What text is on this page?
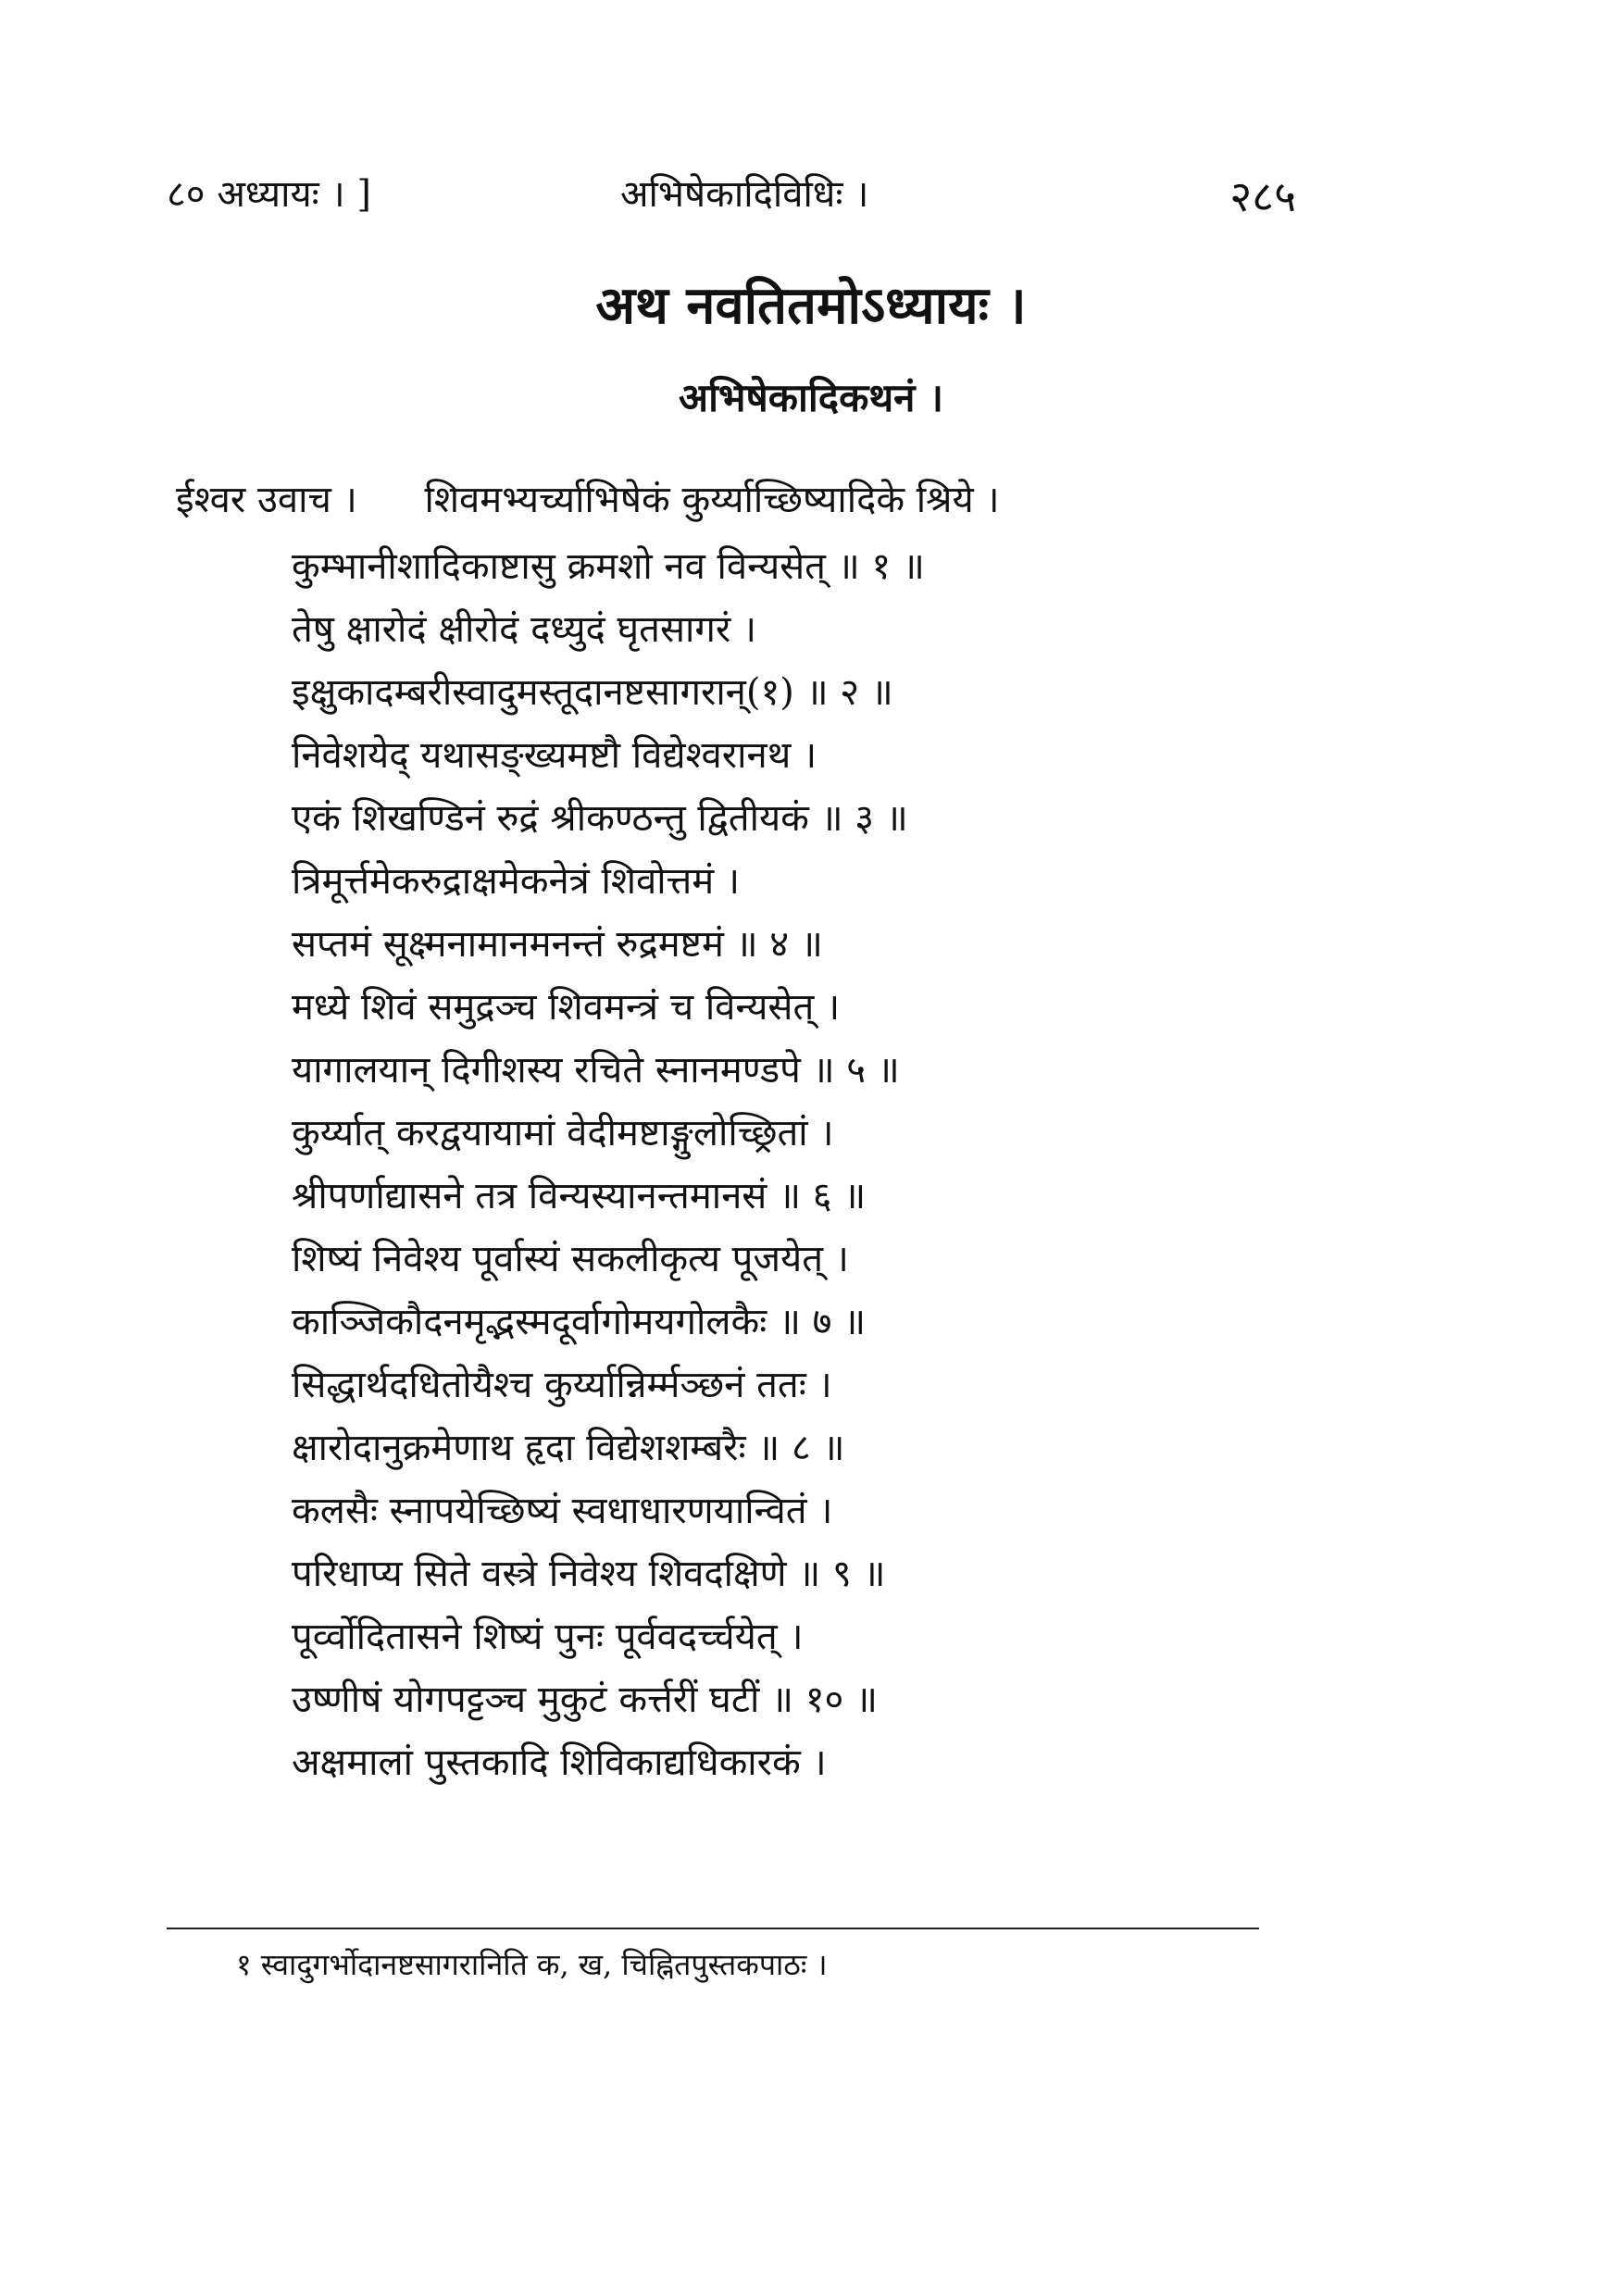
८० अध्यायः । ]	अभिषेकादिविधिः ।	२८५
अथ नवतितमोऽध्यायः ।
अभिषेकादिकथनं ।
ईश्वर उवाच । शिवमभ्यर्च्याभिषेकं कुर्य्याच्छिष्यादिके श्रिये ।
कुम्भानीशादिकाष्टासु क्रमशो नव विन्यसेत् ॥ १ ॥
तेषु क्षारोदं क्षीरोदं दध्युदं घृतसागरं ।
इक्षुकादम्बरीस्वादुमस्तूदानष्टसागरान्(१) ॥ २ ॥
निवेशयेद् यथासङ्ख्यमष्टौ विद्येश्वरानथ ।
एकं शिखण्डिनं रुद्रं श्रीकण्ठन्तु द्वितीयकं ॥ ३ ॥
त्रिमूर्त्तमेकरुद्राक्षमेकनेत्रं शिवोत्तमं ।
सप्तमं सूक्ष्मनामानमनन्तं रुद्रमष्टमं ॥ ४ ॥
मध्ये शिवं समुद्रञ्च शिवमन्त्रं च विन्यसेत् ।
यागालयान् दिगीशस्य रचिते स्नानमण्डपे ॥ ५ ॥
कुर्य्यात् करद्वयायामां वेदीमष्टाङ्गुलोच्छ्रितां ।
श्रीपर्णाद्यासने तत्र विन्यस्यानन्तमानसं ॥ ६ ॥
शिष्यं निवेश्य पूर्वास्यं सकलीकृत्य पूजयेत् ।
काञ्जिकौदनमृद्भस्मदूर्वागोमयगोलकैः ॥ ७ ॥
सिद्धार्थदधितोयैश्च कुर्य्यान्निर्म्मञ्छनं ततः ।
क्षारोदानुक्रमेणाथ हृदा विद्येशशम्बरैः ॥ ८ ॥
कलसैः स्नापयेच्छिष्यं स्वधाधारणयान्वितं ।
परिधाप्य सिते वस्त्रे निवेश्य शिवदक्षिणे ॥ ९ ॥
पूर्व्वोदितासने शिष्यं पुनः पूर्ववदर्च्चयेत् ।
उष्णीषं योगपट्टञ्च मुकुटं कर्त्तरीं घटीं ॥ १० ॥
अक्षमालां पुस्तकादि शिविकाद्यधिकारकं ।
१ स्वादुगर्भोदानष्टसागरानिति क, ख, चिह्नितपुस्तकपाठः ।
